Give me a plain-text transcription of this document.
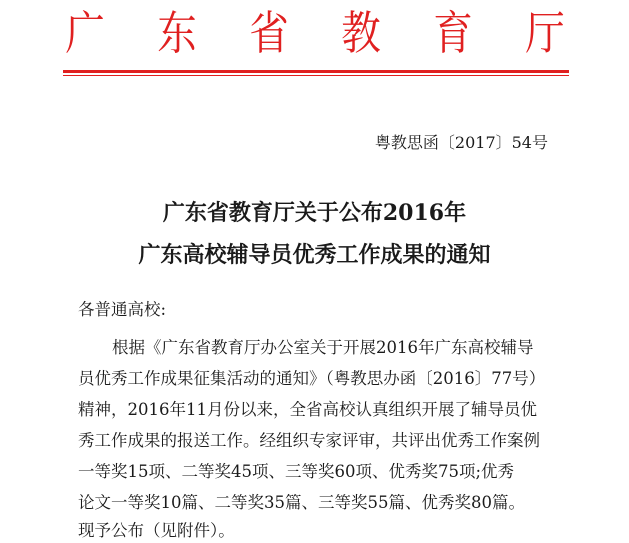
广 东 省 教 育 厅
粤教思函〔2017〕54号
广东省教育厅关于公布2016年
广东高校辅导员优秀工作成果的通知
各普通高校:
根据《广东省教育厅办公室关于开展2016年广东高校辅导
员优秀工作成果征集活动的通知》（粤教思办函〔2016〕77号）
精神，2016年11月份以来，全省高校认真组织开展了辅导员优
秀工作成果的报送工作。经组织专家评审，共评出优秀工作案例
一等奖15项、二等奖45项、三等奖60项、优秀奖75项;优秀
论文一等奖10篇、二等奖35篇、三等奖55篇、优秀奖80篇。
现予公布（见附件）。
